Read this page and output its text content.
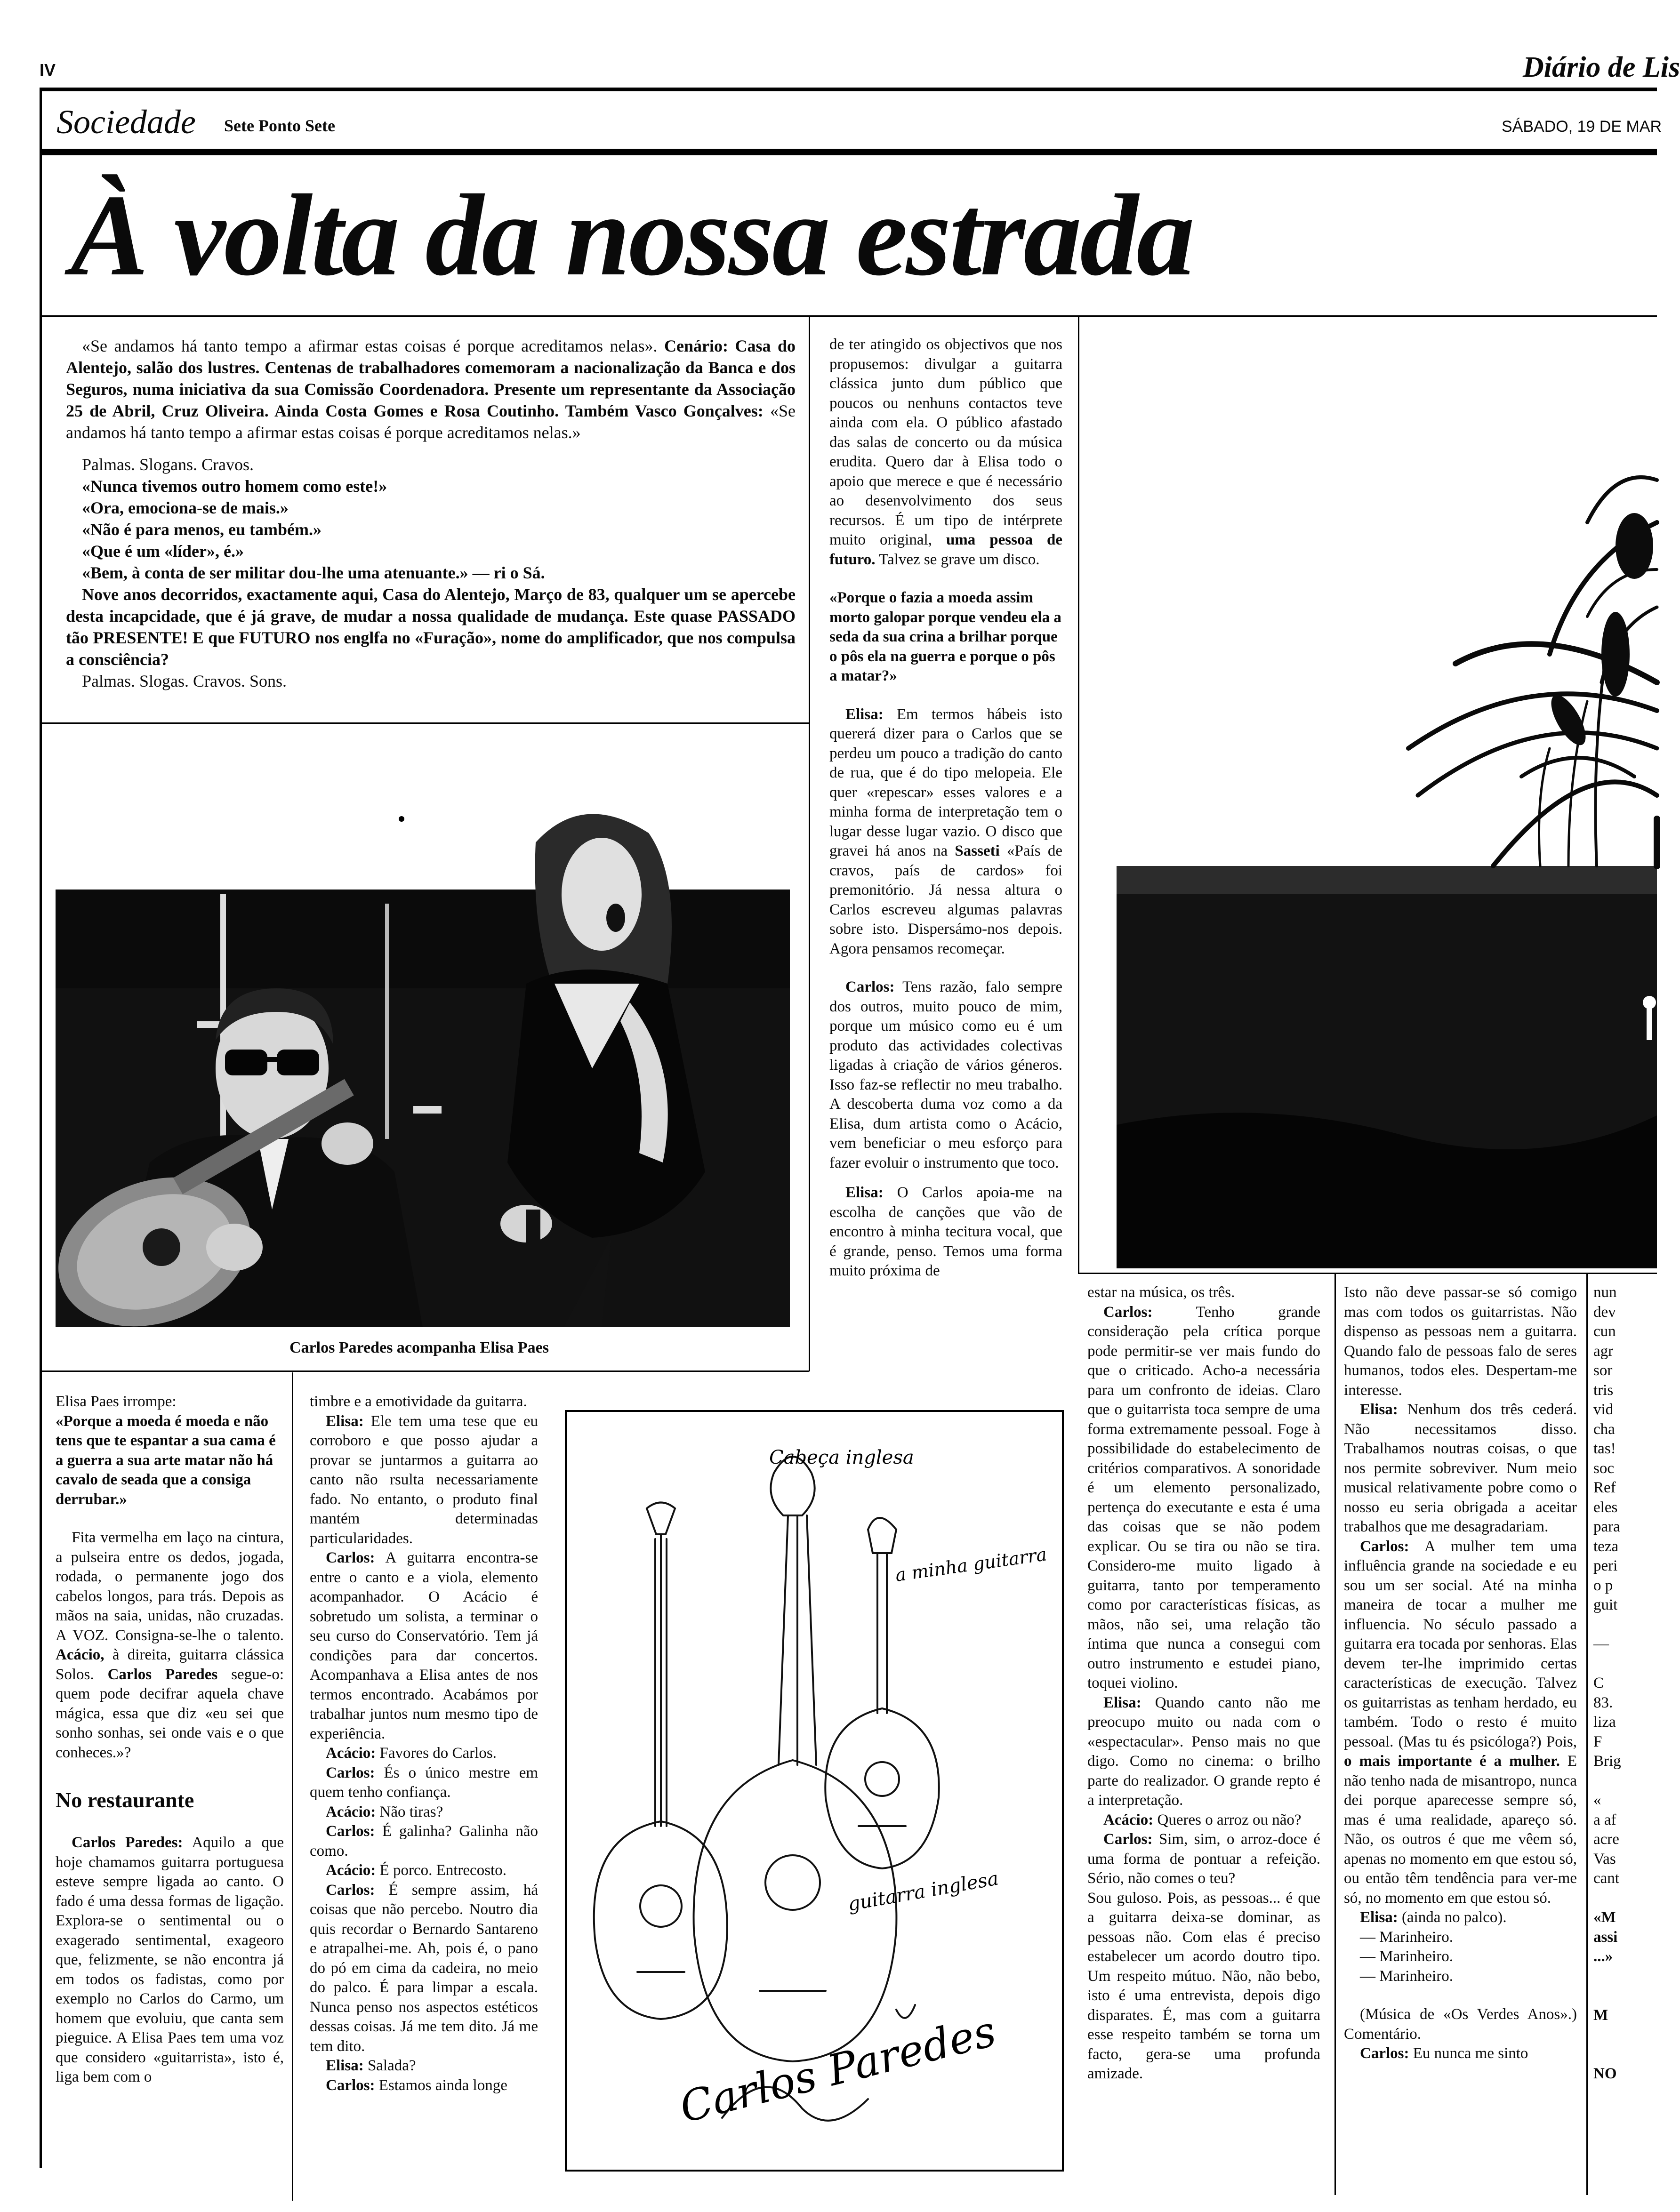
IV	Diário de Lis
Sociedade Sete Ponto Sete	SÁBADO, 19 DE MAR
À volta da nossa estrada

«Se andamos há tanto tempo a afirmar estas coisas é porque acreditamos nelas». Cenário: Casa do Alentejo, salão dos lustres. Centenas de trabalhadores comemoram a nacionalização da Banca e dos Seguros, numa iniciativa da sua Comissão Coordenadora. Presente um representante da Associação 25 de Abril, Cruz Oliveira. Ainda Costa Gomes e Rosa Coutinho. Também Vasco Gonçalves: «Se andamos há tanto tempo a afirmar estas coisas é porque acreditamos nelas.»

Palmas. Slogans. Cravos.

«Nunca tivemos outro homem como este!»

«Ora, emociona-se de mais.»

«Não é para menos, eu também.»

«Que é um «líder», é.»

«Bem, à conta de ser militar dou-lhe uma atenuante.» — ri o Sá.

Nove anos decorridos, exactamente aqui, Casa do Alentejo, Março de 83, qualquer um se apercebe desta incapcidade, que é já grave, de mudar a nossa qualidade de mudança. Este quase PASSADO tão PRESENTE! E que FUTURO nos englfa no «Furação», nome do amplificador, que nos compulsa a consciência?

Palmas. Slogas. Cravos. Sons.

Carlos Paredes acompanha Elisa Paes

de ter atingido os objectivos que nos propusemos: divulgar a guitarra clássica junto dum público que poucos ou nenhuns contactos teve ainda com ela. O público afastado das salas de concerto ou da música erudita. Quero dar à Elisa todo o apoio que merece e que é necessário ao desenvolvimento dos seus recursos. É um tipo de intérprete muito original, uma pessoa de futuro. Talvez se grave um disco.

«Porque o fazia a moeda assim morto galopar porque vendeu ela a seda da sua crina a brilhar porque o pôs ela na guerra e porque o pôs a matar?»

Elisa: Em termos hábeis isto quererá dizer para o Carlos que se perdeu um pouco a tradição do canto de rua, que é do tipo melopeia. Ele quer «repescar» esses valores e a minha forma de interpretação tem o lugar desse lugar vazio. O disco que gravei há anos na Sasseti «País de cravos, país de cardos» foi premonitório. Já nessa altura o Carlos escreveu algumas palavras sobre isto. Dispersámo-nos depois. Agora pensamos recomeçar.

Carlos: Tens razão, falo sempre dos outros, muito pouco de mim, porque um músico como eu é um produto das actividades colectivas ligadas à criação de vários géneros. Isso faz-se reflectir no meu trabalho. A descoberta duma voz como a da Elisa, dum artista como o Acácio, vem beneficiar o meu esforço para fazer evoluir o instrumento que toco.

Elisa: O Carlos apoia-me na escolha de canções que vão de encontro à minha tecitura vocal, que é grande, penso. Temos uma forma muito próxima de

Elisa Paes irrompe:

«Porque a moeda é moeda e não tens que te espantar a sua cama é a guerra a sua arte matar não há cavalo de seada que a consiga derrubar.»

Fita vermelha em laço na cintura, a pulseira entre os dedos, jogada, rodada, o permanente jogo dos cabelos longos, para trás. Depois as mãos na saia, unidas, não cruzadas. A VOZ. Consigna-se-lhe o talento. Acácio, à direita, guitarra clássica Solos. Carlos Paredes segue-o: quem pode decifrar aquela chave mágica, essa que diz «eu sei que sonho sonhas, sei onde vais e o que conheces.»?

No restaurante

Carlos Paredes: Aquilo a que hoje chamamos guitarra portuguesa esteve sempre ligada ao canto. O fado é uma dessa formas de ligação. Explora-se o sentimental ou o exagerado sentimental, exageoro que, felizmente, se não encontra já em todos os fadistas, como por exemplo no Carlos do Carmo, um homem que evoluiu, que canta sem pieguice. A Elisa Paes tem uma voz que considero «guitarrista», isto é, liga bem com o

timbre e a emotividade da guitarra.

Elisa: Ele tem uma tese que eu corroboro e que posso ajudar a provar se juntarmos a guitarra ao canto não rsulta necessariamente fado. No entanto, o produto final mantém determinadas particularidades.

Carlos: A guitarra encontra-se entre o canto e a viola, elemento acompanhador. O Acácio é sobretudo um solista, a terminar o seu curso do Conservatório. Tem já condições para dar concertos. Acompanhava a Elisa antes de nos termos encontrado. Acabámos por trabalhar juntos num mesmo tipo de experiência.

Acácio: Favores do Carlos.

Carlos: És o único mestre em quem tenho confiança.

Acácio: Não tiras?

Carlos: É galinha? Galinha não como.

Acácio: É porco. Entrecosto.

Carlos: É sempre assim, há coisas que não percebo. Noutro dia quis recordar o Bernardo Santareno e atrapalhei-me. Ah, pois é, o pano do pó em cima da cadeira, no meio do palco. É para limpar a escala. Nunca penso nos aspectos estéticos dessas coisas. Já me tem dito. Já me tem dito.

Elisa: Salada?

Carlos: Estamos ainda longe

Cabeça inglesa
a minha guitarra
guitarra inglesa
Carlos Paredes

estar na música, os três.

Carlos:	Tenho grande consideração pela crítica porque pode permitir-se ver mais fundo do que o criticado. Acho-a necessária para um confronto de ideias. Claro que o guitarrista toca sempre de uma forma extremamente pessoal. Foge à possibilidade do estabelecimento de critérios comparativos. A sonoridade é um elemento personalizado, pertença do executante e esta é uma das coisas que se não podem explicar. Ou se tira ou não se tira. Considero-me muito ligado à guitarra, tanto por temperamento como por características físicas, as mãos, não sei, uma relação tão íntima que nunca a consegui com outro instrumento e estudei piano, toquei violino.

Elisa: Quando canto não me preocupo muito ou nada com o «espectacular». Penso mais no que digo. Como no cinema: o brilho parte do realizador. O grande repto é a interpretação.

Acácio: Queres o arroz ou não?

Carlos: Sim, sim, o arroz-doce é uma forma de pontuar a refeição. Sério, não comes o teu?

Sou guloso. Pois, as pessoas... é que a guitarra deixa-se dominar, as pessoas não. Com elas é preciso estabelecer um acordo doutro tipo. Um respeito mútuo. Não, não bebo, isto é uma entrevista, depois digo disparates. É, mas com a guitarra esse respeito também se torna um facto, gera-se uma profunda amizade.

Isto não deve passar-se só comigo mas com todos os guitarristas. Não dispenso as pessoas nem a guitarra. Quando falo de pessoas falo de seres humanos, todos eles. Despertam-me interesse.

Elisa: Nenhum dos três cederá. Não necessitamos disso. Trabalhamos noutras coisas, o que nos permite sobreviver. Num meio musical relativamente pobre como o nosso eu seria obrigada a aceitar trabalhos que me desagradariam.

Carlos: A mulher tem uma influência grande na sociedade e eu sou um ser social. Até na minha maneira de tocar a mulher me influencia. No século passado a guitarra era tocada por senhoras. Elas devem ter-lhe imprimido certas características de execução. Talvez os guitarristas as tenham herdado, eu também. Todo o resto é muito pessoal. (Mas tu és psicóloga?) Pois, o mais importante é a mulher. E não tenho nada de misantropo, nunca dei porque aparecesse sempre só, mas é uma realidade, apareço só. Não, os outros é que me vêem só, apenas no momento em que estou só, ou então têm tendência para ver-me só, no momento em que estou só.

Elisa: (ainda no palco).

— Marinheiro.

— Marinheiro.

— Marinheiro.

(Música de «Os Verdes Anos».) Comentário.

Carlos: Eu nunca me sinto

nun
dev
cun
agr
sor
tris
vid
cha
tas!
soc
Ref
eles
para
teza
peri
o p
guit
—
C
83.
liza
F
Brig
«
a af
acre
Vas
cant
«M
assi
...»
M
NO
